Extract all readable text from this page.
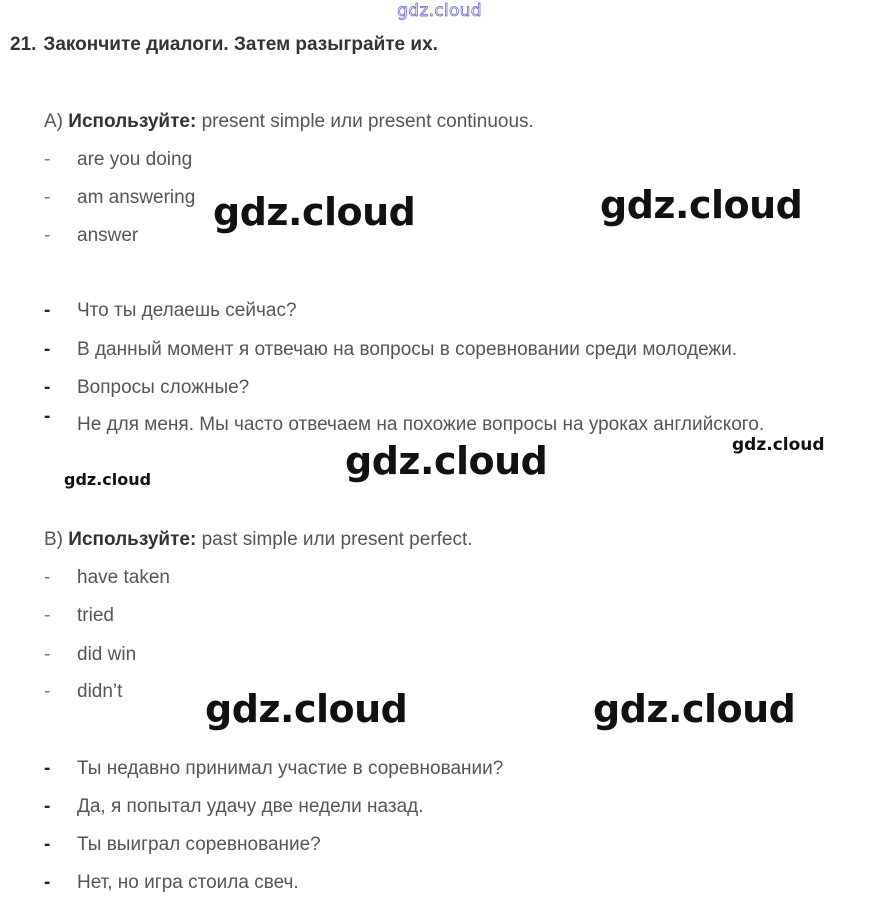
gdz.cloud
21. Закончите диалоги. Затем разыграйте их.
A) Используйте: present simple или present continuous.
- are you doing
- am answering
- answer
- Что ты делаешь сейчас?
- В данный момент я отвечаю на вопросы в соревновании среди молодежи.
- Вопросы сложные?
- Не для меня. Мы часто отвечаем на похожие вопросы на уроках английского.
B) Используйте: past simple или present perfect.
- have taken
- tried
- did win
- didn’t
- Ты недавно принимал участие в соревновании?
- Да, я попытал удачу две недели назад.
- Ты выиграл соревнование?
- Нет, но игра стоила свеч.
gdz.cloud	gdz.cloud
gdz.cloud
gdz.cloud
gdz.cloud
gdz.cloud	gdz.cloud
